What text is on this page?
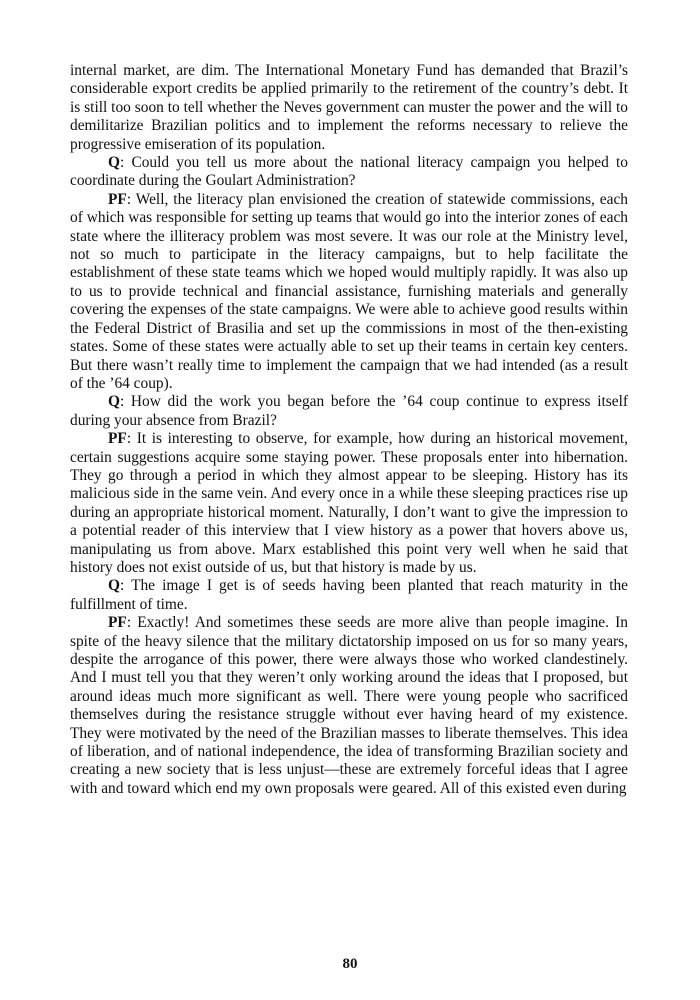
internal market, are dim. The International Monetary Fund has demanded that Brazil’s considerable export credits be applied primarily to the retirement of the country’s debt. It is still too soon to tell whether the Neves government can muster the power and the will to demilitarize Brazilian politics and to implement the reforms necessary to relieve the progressive emiseration of its population.

Q: Could you tell us more about the national literacy campaign you helped to coordinate during the Goulart Administration?

PF: Well, the literacy plan envisioned the creation of statewide commissions, each of which was responsible for setting up teams that would go into the interior zones of each state where the illiteracy problem was most severe. It was our role at the Ministry level, not so much to participate in the literacy campaigns, but to help facilitate the establishment of these state teams which we hoped would multiply rapidly. It was also up to us to provide technical and financial assistance, furnishing materials and generally covering the expenses of the state campaigns. We were able to achieve good results within the Federal District of Brasilia and set up the commissions in most of the then-existing states. Some of these states were actually able to set up their teams in certain key centers. But there wasn’t really time to implement the campaign that we had intended (as a result of the ’64 coup).

Q: How did the work you began before the ’64 coup continue to express itself during your absence from Brazil?

PF: It is interesting to observe, for example, how during an historical movement, certain suggestions acquire some staying power. These proposals enter into hibernation. They go through a period in which they almost appear to be sleeping. History has its malicious side in the same vein. And every once in a while these sleeping practices rise up during an appropriate historical moment. Naturally, I don’t want to give the impression to a potential reader of this interview that I view history as a power that hovers above us, manipulating us from above. Marx established this point very well when he said that history does not exist outside of us, but that history is made by us.

Q: The image I get is of seeds having been planted that reach maturity in the fulfillment of time.

PF: Exactly! And sometimes these seeds are more alive than people imagine. In spite of the heavy silence that the military dictatorship imposed on us for so many years, despite the arrogance of this power, there were always those who worked clandestinely. And I must tell you that they weren’t only working around the ideas that I proposed, but around ideas much more significant as well. There were young people who sacrificed themselves during the resistance struggle without ever having heard of my existence. They were motivated by the need of the Brazilian masses to liberate themselves. This idea of liberation, and of national independence, the idea of transforming Brazilian society and creating a new society that is less unjust—these are extremely forceful ideas that I agree with and toward which end my own proposals were geared. All of this existed even during

80
